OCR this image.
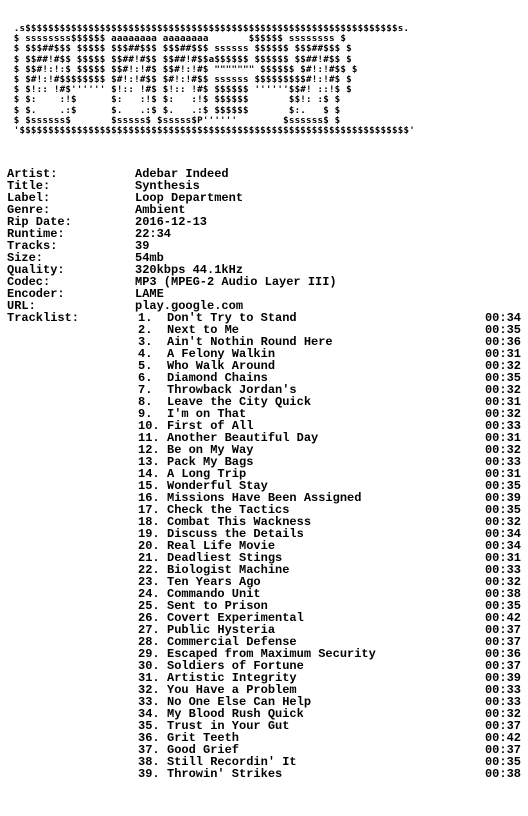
.s$$$$$$$$$$$$$$$$$$$$$$$$$$$$$$$$$$$$$$$$$$$$$$$$$$$$$$$$$$$$$$$$$s.
$ ssssssss$$$$$$ aaaaaaaa aaaaaaaa       $$$$$$ ssssssss $
$ $$$##$$$ $$$$$ $$$##$$$ $$$##$$$ ssssss $$$$$$ $$$##$$$ $
$ $$##!#$$ $$$$$ $$##!#$$ $$##!#$$a$$$$$$ $$$$$$ $$##!#$$ $
$ $$#!:!:$ $$$$$ $$#!:!#$ $$#!:!#$ """"""" $$$$$$ $#!:!#$$ $
$ $#!:!#$$$$$$$$ $#!:!#$$ $#!:!#$$ ssssss $$$$$$$$$#!:!#$ $
$ $!:: !#$'''''' $!:: !#$ $!:: !#$ $$$$$$ ''''''$$#! ::!$ $
$ $:    :!$      $:   :!$ $:   :!$ $$$$$$       $$!: :$ $
$ $.    .:$      $.   .:$ $.   .:$ $$$$$$       $:.   $ $
$ $ssssss$       $sssss$ $sssss$P''''''        $ssssss$ $
'$$$$$$$$$$$$$$$$$$$$$$$$$$$$$$$$$$$$$$$$$$$$$$$$$$$$$$$$$$$$$$$$$$$$'
Artist:	Adebar Indeed
Title:	Synthesis
Label:	Loop Department
Genre:	Ambient
Rip Date:	2016-12-13
Runtime:	22:34
Tracks:	39
Size:	54mb
Quality:	320kbps 44.1kHz
Codec:	MP3 (MPEG-2 Audio Layer III)
Encoder:	LAME
URL:	play.google.com
Tracklist:	1. Don't Try to Stand	00:34
2. Next to Me	00:35
3. Ain't Nothin Round Here	00:36
4. A Felony Walkin	00:31
5. Who Walk Around	00:32
6. Diamond Chains	00:35
7. Throwback Jordan's	00:32
8. Leave the City Quick	00:31
9. I'm on That	00:32
10. First of All	00:33
11. Another Beautiful Day	00:31
12. Be on My Way	00:32
13. Pack My Bags	00:33
14. A Long Trip	00:31
15. Wonderful Stay	00:35
16. Missions Have Been Assigned	00:39
17. Check the Tactics	00:35
18. Combat This Wackness	00:32
19. Discuss the Details	00:34
20. Real Life Movie	00:34
21. Deadliest Stings	00:31
22. Biologist Machine	00:33
23. Ten Years Ago	00:32
24. Commando Unit	00:38
25. Sent to Prison	00:35
26. Covert Experimental	00:42
27. Public Hysteria	00:37
28. Commercial Defense	00:37
29. Escaped from Maximum Security	00:36
30. Soldiers of Fortune	00:37
31. Artistic Integrity	00:39
32. You Have a Problem	00:33
33. No One Else Can Help	00:33
34. My Blood Rush Quick	00:32
35. Trust in Your Gut	00:37
36. Grit Teeth	00:42
37. Good Grief	00:37
38. Still Recordin' It	00:35
39. Throwin' Strikes	00:38
